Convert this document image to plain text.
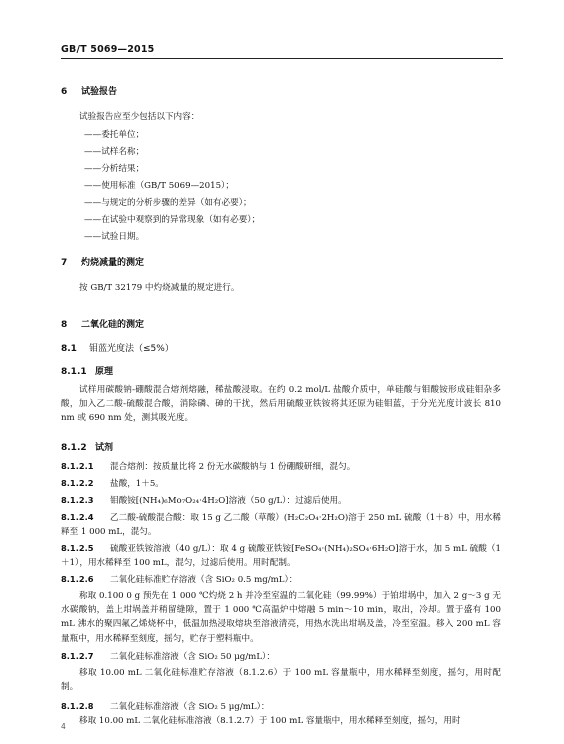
GB/T 5069—2015
6 试验报告
试验报告应至少包括以下内容：
——委托单位；
——试样名称；
——分析结果；
——使用标准（GB/T 5069—2015）；
——与规定的分析步骤的差异（如有必要）；
——在试验中观察到的异常现象（如有必要）；
——试验日期。
7 灼烧减量的测定
按 GB/T 32179 中灼烧减量的规定进行。
8 二氧化硅的测定
8.1 钼蓝光度法（≤5%）
8.1.1 原理
试样用碳酸钠-硼酸混合熔剂熔融，稀盐酸浸取。在约 0.2 mol/L 盐酸介质中，单硅酸与钼酸铵形成硅钼杂多酸，加入乙二酸-硫酸混合酸，消除磷、砷的干扰，然后用硫酸亚铁铵将其还原为硅钼蓝，于分光光度计波长 810 nm 或 690 nm 处，测其吸光度。
8.1.2 试剂
8.1.2.1 混合熔剂：按质量比将 2 份无水碳酸钠与 1 份硼酸研细，混匀。
8.1.2.2 盐酸，1＋5。
8.1.2.3 钼酸铵[(NH₄)₆Mo₇O₂₄·4H₂O]溶液（50 g/L）：过滤后使用。
8.1.2.4 乙二酸-硫酸混合酸：取 15 g 乙二酸（草酸）(H₂C₂O₄·2H₂O)溶于 250 mL 硫酸（1＋8）中，用水稀释至 1 000 mL，混匀。
8.1.2.5 硫酸亚铁铵溶液（40 g/L）：取 4 g 硫酸亚铁铵[FeSO₄·(NH₄)₂SO₄·6H₂O]溶于水，加 5 mL 硫酸（1＋1），用水稀释至 100 mL，混匀，过滤后使用。用时配制。
8.1.2.6 二氧化硅标准贮存溶液（含 SiO₂ 0.5 mg/mL）：
称取 0.100 0 g 预先在 1 000 ℃灼烧 2 h 并冷至室温的二氧化硅（99.99%）于铂坩埚中，加入 2 g～3 g 无水碳酸钠，盖上坩埚盖并稍留缝隙，置于 1 000 ℃高温炉中熔融 5 min～10 min，取出，冷却。置于盛有 100 mL 沸水的聚四氟乙烯烧杯中，低温加热浸取熔块至溶液清亮，用热水洗出坩埚及盖，冷至室温。移入 200 mL 容量瓶中，用水稀释至刻度，摇匀，贮存于塑料瓶中。
8.1.2.7 二氧化硅标准溶液（含 SiO₂ 50 μg/mL）：
移取 10.00 mL 二氧化硅标准贮存溶液（8.1.2.6）于 100 mL 容量瓶中，用水稀释至刻度，摇匀，用时配制。
8.1.2.8 二氧化硅标准溶液（含 SiO₂ 5 μg/mL）：
移取 10.00 mL 二氧化硅标准溶液（8.1.2.7）于 100 mL 容量瓶中，用水稀释至刻度，摇匀，用时
4
